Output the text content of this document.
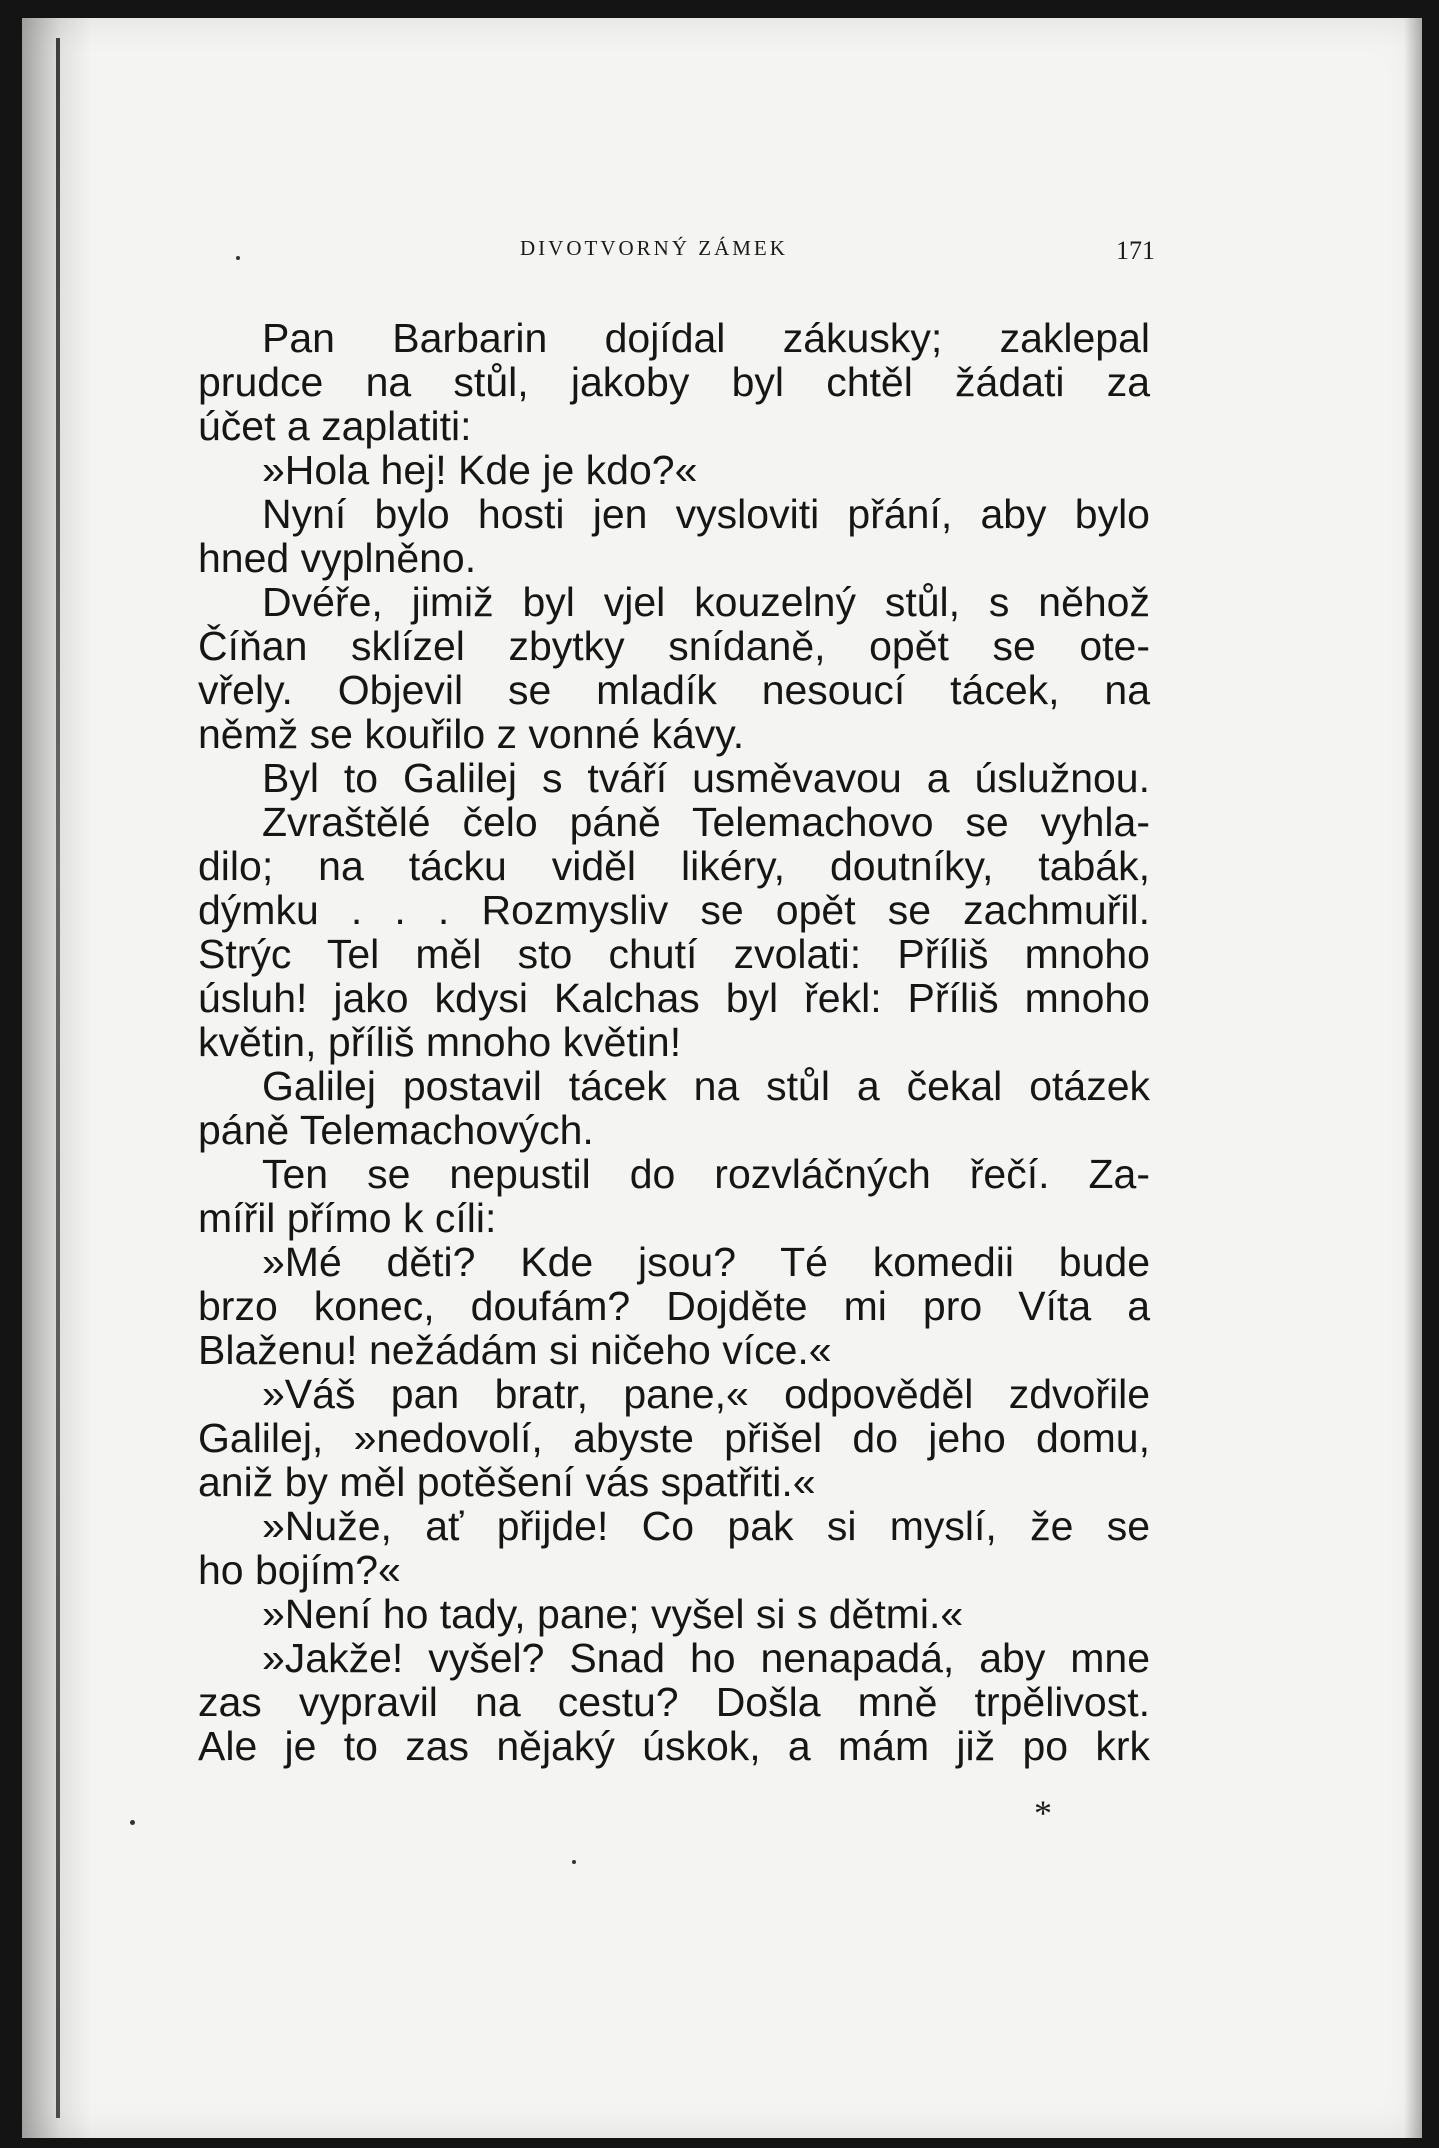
DIVOTVORNÝ ZÁMEK	171
Pan Barbarin dojídal zákusky; zaklepal
prudce na stůl, jakoby byl chtěl žádati za
účet a zaplatiti:
»Hola hej! Kde je kdo?«
Nyní bylo hosti jen vysloviti přání, aby bylo
hned vyplněno.
Dvéře, jimiž byl vjel kouzelný stůl, s něhož
Číňan sklízel zbytky snídaně, opět se ote-
vřely. Objevil se mladík nesoucí tácek, na
němž se kouřilo z vonné kávy.
Byl to Galilej s tváří usměvavou a úslužnou.
Zvraštělé čelo páně Telemachovo se vyhla-
dilo; na tácku viděl likéry, doutníky, tabák,
dýmku . . . Rozmysliv se opět se zachmuřil.
Strýc Tel měl sto chutí zvolati: Příliš mnoho
úsluh! jako kdysi Kalchas byl řekl: Příliš mnoho
květin, příliš mnoho květin!
Galilej postavil tácek na stůl a čekal otázek
páně Telemachových.
Ten se nepustil do rozvláčných řečí. Za-
mířil přímo k cíli:
»Mé děti? Kde jsou? Té komedii bude
brzo konec, doufám? Dojděte mi pro Víta a
Blaženu! nežádám si ničeho více.«
»Váš pan bratr, pane,« odpověděl zdvořile
Galilej, »nedovolí, abyste přišel do jeho domu,
aniž by měl potěšení vás spatřiti.«
»Nuže, ať přijde! Co pak si myslí, že se
ho bojím?«
»Není ho tady, pane; vyšel si s dětmi.«
»Jakže! vyšel? Snad ho nenapadá, aby mne
zas vypravil na cestu? Došla mně trpělivost.
Ale je to zas nějaký úskok, a mám již po krk
*
